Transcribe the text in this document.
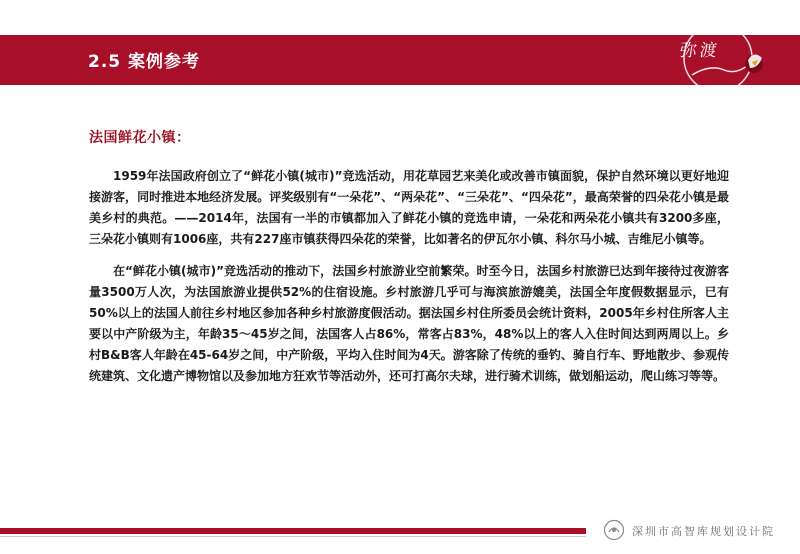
2.5 案例参考
弥渡
法国鲜花小镇：

1959年法国政府创立了“鲜花小镇(城市)”竞选活动，用花草园艺来美化或改善市镇面貌，保护自然环境以更好地迎接游客，同时推进本地经济发展。评奖级别有“一朵花”、“两朵花”、“三朵花”、“四朵花”，最高荣誉的四朵花小镇是最美乡村的典范。——2014年，法国有一半的市镇都加入了鲜花小镇的竞选申请，一朵花和两朵花小镇共有3200多座，三朵花小镇则有1006座，共有227座市镇获得四朵花的荣誉，比如著名的伊瓦尔小镇、科尔马小城、吉维尼小镇等。

在“鲜花小镇(城市)”竞选活动的推动下，法国乡村旅游业空前繁荣。时至今日，法国乡村旅游已达到年接待过夜游客量3500万人次，为法国旅游业提供52%的住宿设施。乡村旅游几乎可与海滨旅游媲美，法国全年度假数据显示，已有50%以上的法国人前往乡村地区参加各种乡村旅游度假活动。据法国乡村住所委员会统计资料，2005年乡村住所客人主要以中产阶级为主，年龄35～45岁之间，法国客人占86%，常客占83%，48%以上的客人入住时间达到两周以上。乡村B&B客人年龄在45-64岁之间，中产阶级，平均入住时间为4天。游客除了传统的垂钓、骑自行车、野地散步、参观传统建筑、文化遗产博物馆以及参加地方狂欢节等活动外，还可打高尔夫球，进行骑术训练，做划船运动，爬山练习等等。

深圳市高智库规划设计院
